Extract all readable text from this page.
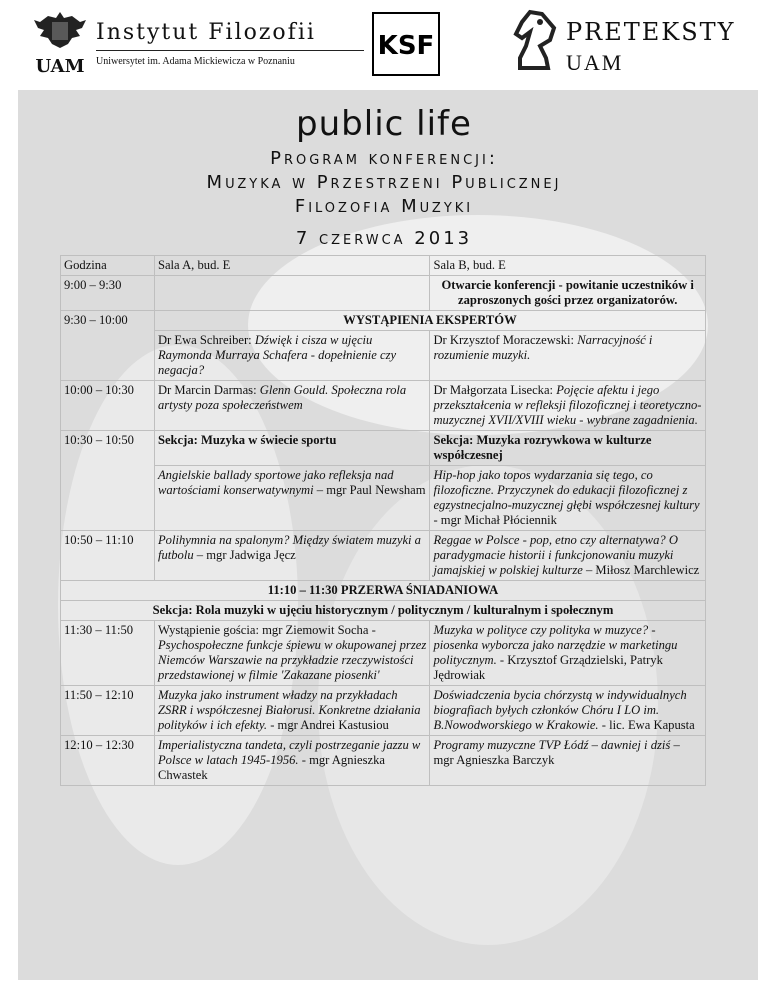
UAM
Instytut Filozofii
Uniwersytet im. Adama Mickiewicza w Poznaniu
KSF	PRETEKSTY
UAM
public life
Program konferencji:
Muzyka w Przestrzeni Publicznej
Filozofia Muzyki
7 czerwca 2013
Godzina	Sala A, bud. E	Sala B, bud. E
9:00 – 9:30		Otwarcie konferencji - powitanie uczestników i zaproszonych gości przez organizatorów.
9:30 – 10:00	WYSTĄPIENIA EKSPERTÓW	
	Dr Ewa Schreiber: Dźwięk i cisza w ujęciu Raymonda Murraya Schafera - dopełnienie czy negacja?	Dr Krzysztof Moraczewski: Narracyjność i rozumienie muzyki.
10:00 – 10:30	Dr Marcin Darmas: Glenn Gould. Społeczna rola artysty poza społeczeństwem	Dr Małgorzata Lisecka: Pojęcie afektu i jego przekształcenia w refleksji filozoficznej i teoretyczno-muzycznej XVII/XVIII wieku - wybrane zagadnienia.
10:30 – 10:50	Sekcja: Muzyka w świecie sportu	Sekcja: Muzyka rozrywkowa w kulturze współczesnej
	Angielskie ballady sportowe jako refleksja nad wartościami konserwatywnymi – mgr Paul Newsham	Hip-hop jako topos wydarzania się tego, co filozoficzne. Przyczynek do edukacji filozoficznej z egzystnecjalno-muzycznej głębi współczesnej kultury - mgr Michał Płóciennik
10:50 – 11:10	Polihymnia na spalonym? Między światem muzyki a futbolu – mgr Jadwiga Jęcz	Reggae w Polsce - pop, etno czy alternatywa? O paradygmacie historii i funkcjonowaniu muzyki jamajskiej w polskiej kulturze – Miłosz Marchlewicz
11:10 – 11:30 PRZERWA ŚNIADANIOWA		
Sekcja: Rola muzyki w ujęciu historycznym / politycznym / kulturalnym i społecznym		
11:30 – 11:50	Wystąpienie gościa: mgr Ziemowit Socha - Psychospołeczne funkcje śpiewu w okupowanej przez Niemców Warszawie na przykładzie rzeczywistości przedstawionej w filmie 'Zakazane piosenki'	Muzyka w polityce czy polityka w muzyce? - piosenka wyborcza jako narzędzie w marketingu politycznym. - Krzysztof Grządzielski, Patryk Jędrowiak
11:50 – 12:10	Muzyka jako instrument władzy na przykładach ZSRR i współczesnej Białorusi. Konkretne działania polityków i ich efekty. - mgr Andrei Kastusiou	Doświadczenia bycia chórzystą w indywidualnych biografiach byłych członków Chóru I LO im. B.Nowodworskiego w Krakowie. - lic. Ewa Kapusta
12:10 – 12:30	Imperialistyczna tandeta, czyli postrzeganie jazzu w Polsce w latach 1945-1956. - mgr Agnieszka Chwastek	Programy muzyczne TVP Łódź – dawniej i dziś – mgr Agnieszka Barczyk
